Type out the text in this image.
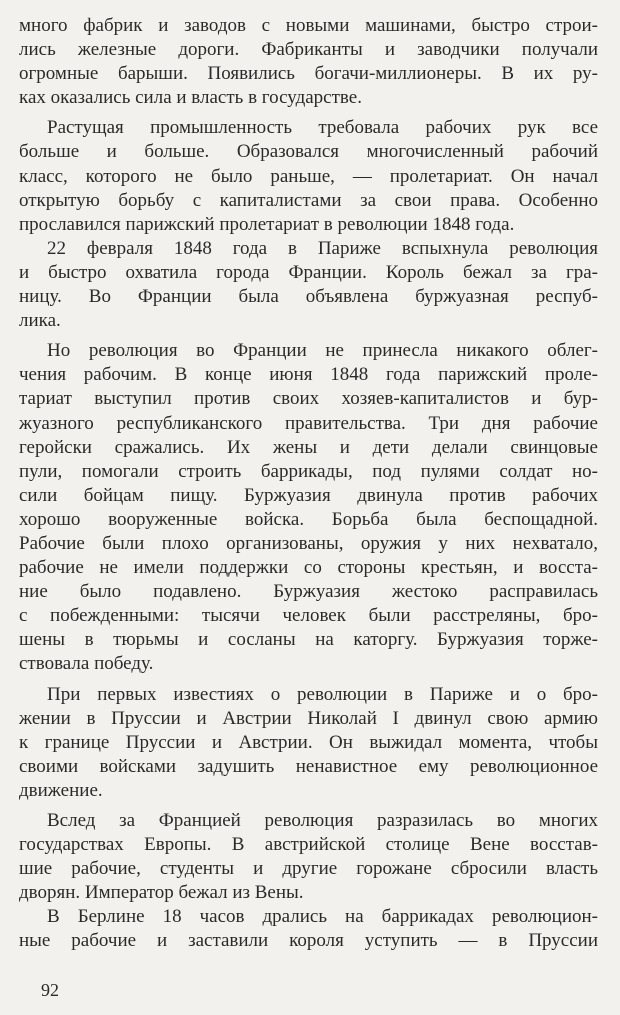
много фабрик и заводов с новыми машинами, быстро строи-
лись железные дороги. Фабриканты и заводчики получали
огромные барыши. Появились богачи-миллионеры. В их ру-
ках оказались сила и власть в государстве.
Растущая промышленность требовала рабочих рук все
больше и больше. Образовался многочисленный рабочий
класс, которого не было раньше, — пролетариат. Он начал
открытую борьбу с капиталистами за свои права. Особенно
прославился парижский пролетариат в революции 1848 года.
22 февраля 1848 года в Париже вспыхнула революция
и быстро охватила города Франции. Король бежал за гра-
ницу. Во Франции была объявлена буржуазная респуб-
лика.
Но революция во Франции не принесла никакого облег-
чения рабочим. В конце июня 1848 года парижский проле-
тариат выступил против своих хозяев-капиталистов и бур-
жуазного республиканского правительства. Три дня рабочие
геройски сражались. Их жены и дети делали свинцовые
пули, помогали строить баррикады, под пулями солдат но-
сили бойцам пищу. Буржуазия двинула против рабочих
хорошо вооруженные войска. Борьба была беспощадной.
Рабочие были плохо организованы, оружия у них нехватало,
рабочие не имели поддержки со стороны крестьян, и восста-
ние было подавлено. Буржуазия жестоко расправилась
с побежденными: тысячи человек были расстреляны, бро-
шены в тюрьмы и сосланы на каторгу. Буржуазия торже-
ствовала победу.
При первых известиях о революции в Париже и о бро-
жении в Пруссии и Австрии Николай I двинул свою армию
к границе Пруссии и Австрии. Он выжидал момента, чтобы
своими войсками задушить ненавистное ему революционное
движение.
Вслед за Францией революция разразилась во многих
государствах Европы. В австрийской столице Вене восстав-
шие рабочие, студенты и другие горожане сбросили власть
дворян. Император бежал из Вены.
В Берлине 18 часов дрались на баррикадах революцион-
ные рабочие и заставили короля уступить — в Пруссии
92
